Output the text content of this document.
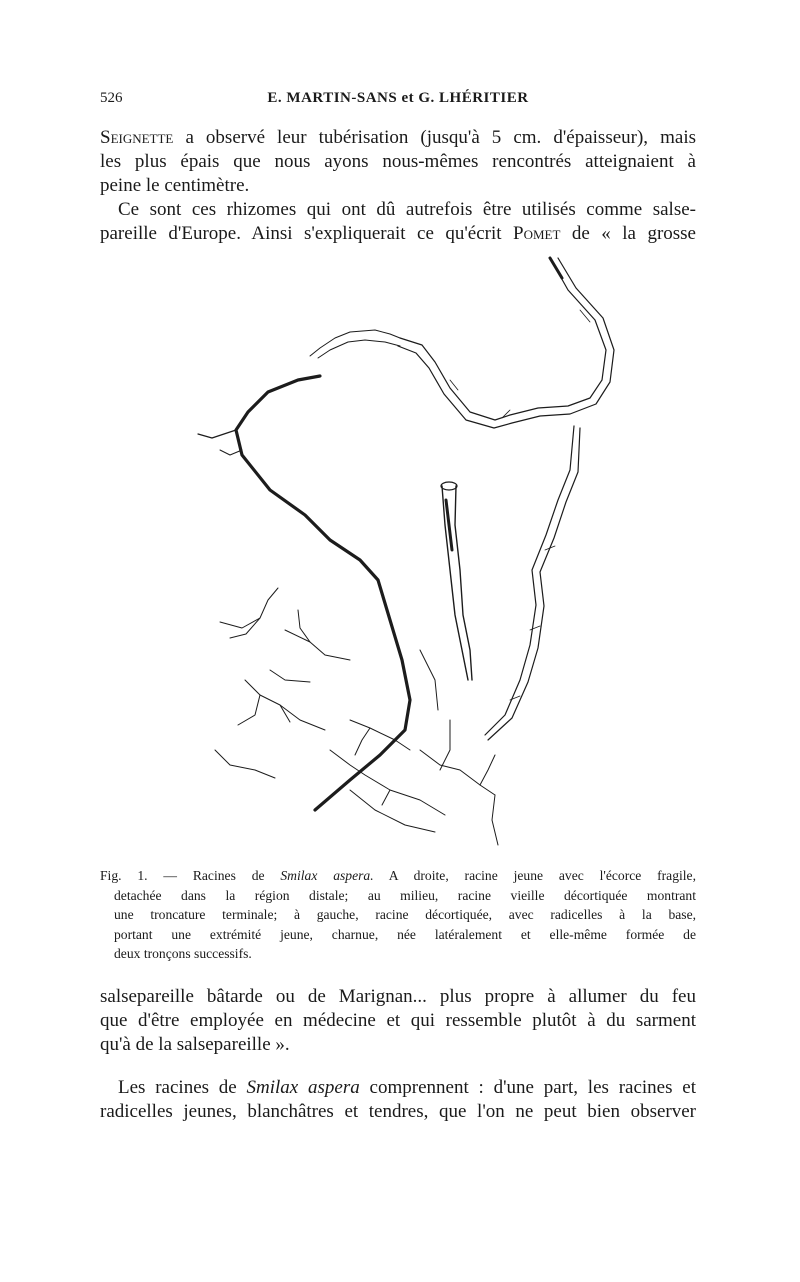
526	E. MARTIN-SANS et G. LHÉRITIER

Seignette a observé leur tubérisation (jusqu'à 5 cm. d'épaisseur), mais
les plus épais que nous ayons nous-mêmes rencontrés atteignaient à
peine le centimètre.

Ce sont ces rhizomes qui ont dû autrefois être utilisés comme salse-
pareille d'Europe. Ainsi s'expliquerait ce qu'écrit Pomet de « la grosse

Fig. 1. — Racines de Smilax aspera. A droite, racine jeune avec l'écorce fragile,
detachée dans la région distale; au milieu, racine vieille décortiquée montrant
une troncature terminale; à gauche, racine décortiquée, avec radicelles à la base,
portant une extrémité jeune, charnue, née latéralement et elle-même formée de
deux tronçons successifs.

salsepareille bâtarde ou de Marignan... plus propre à allumer du feu
que d'être employée en médecine et qui ressemble plutôt à du sarment
qu'à de la salsepareille ».

Les racines de Smilax aspera comprennent : d'une part, les racines et
radicelles jeunes, blanchâtres et tendres, que l'on ne peut bien observer
